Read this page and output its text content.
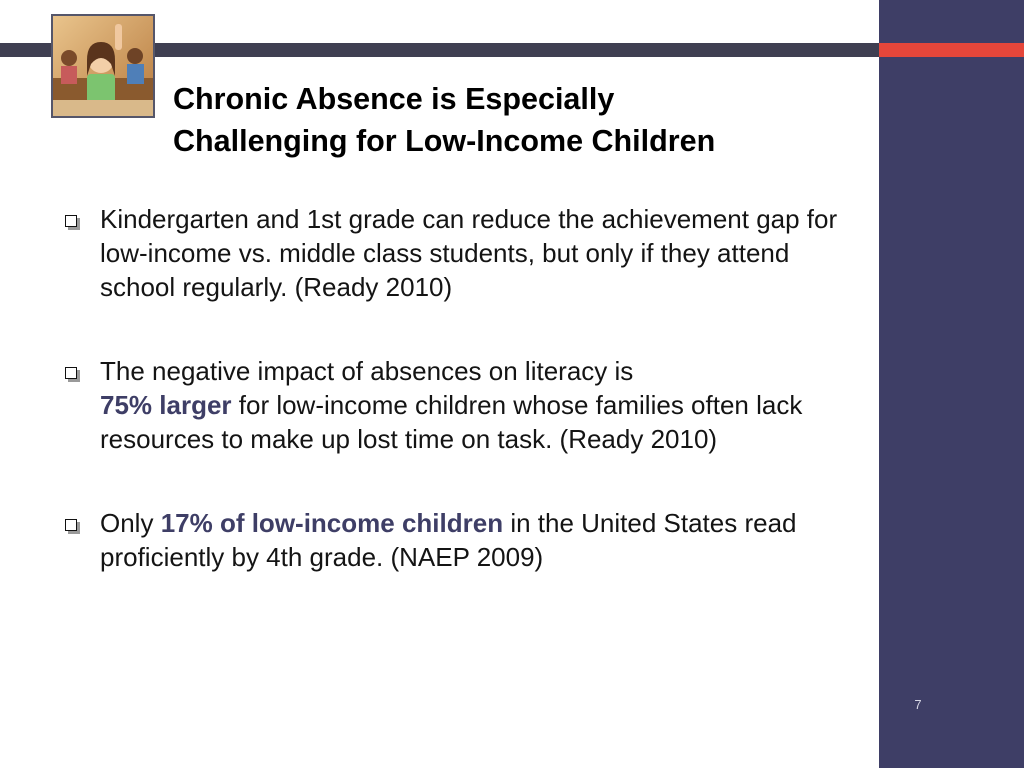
Chronic Absence is Especially
Challenging for Low-Income Children
Kindergarten and 1st grade can reduce the achievement gap for low-income vs. middle class students, but only if they attend school regularly. (Ready 2010)
The negative impact of absences on literacy is
75% larger for low-income children whose families often lack resources to make up lost time on task. (Ready 2010)
Only 17% of low-income children in the United States read proficiently by 4th grade. (NAEP 2009)
7
